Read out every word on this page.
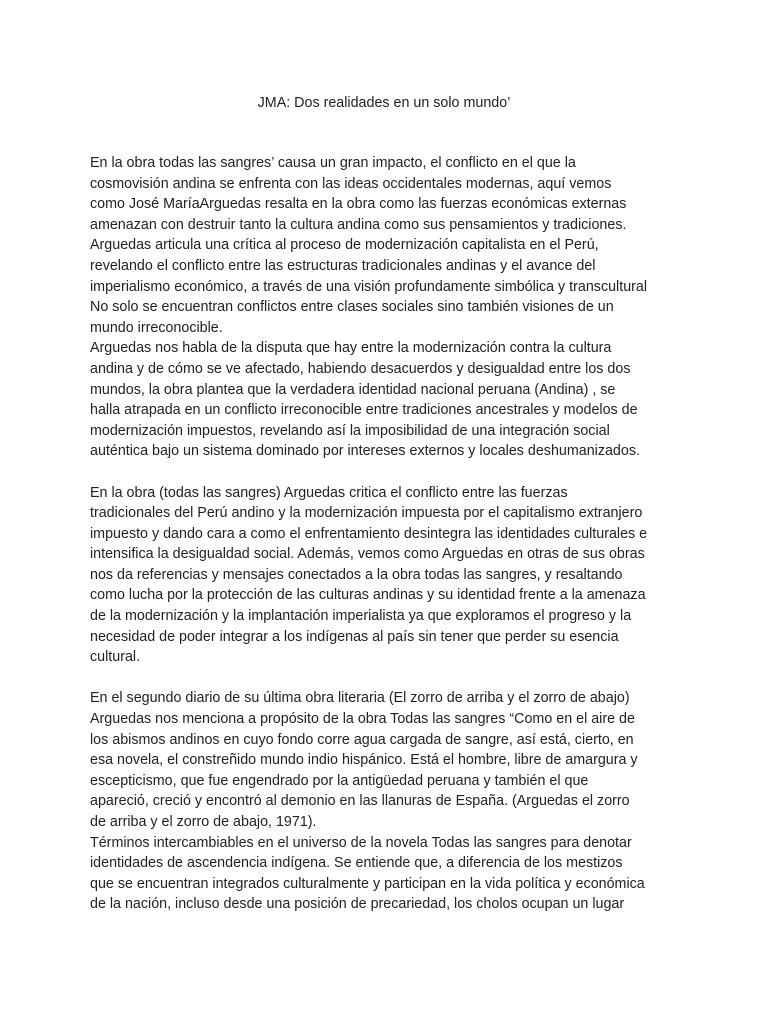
JMA: Dos realidades en un solo mundo’
En la obra todas las sangres’ causa un gran impacto, el conflicto en el que la
cosmovisión andina se enfrenta con las ideas occidentales modernas, aquí vemos
como José MaríaArguedas resalta en la obra como las fuerzas económicas externas
amenazan con destruir tanto la cultura andina como sus pensamientos y tradiciones.
Arguedas articula una crítica al proceso de modernización capitalista en el Perú,
revelando el conflicto entre las estructuras tradicionales andinas y el avance del
imperialismo económico, a través de una visión profundamente simbólica y transcultural
No solo se encuentran conflictos entre clases sociales sino también visiones de un
mundo irreconocible.
Arguedas nos habla de la disputa que hay entre la modernización contra la cultura
andina y de cómo se ve afectado, habiendo desacuerdos y desigualdad entre los dos
mundos, la obra plantea que la verdadera identidad nacional peruana (Andina) , se
halla atrapada en un conflicto irreconocible entre tradiciones ancestrales y modelos de
modernización impuestos, revelando así la imposibilidad de una integración social
auténtica bajo un sistema dominado por intereses externos y locales deshumanizados.
En la obra (todas las sangres) Arguedas critica el conflicto entre las fuerzas
tradicionales del Perú andino y la modernización impuesta por el capitalismo extranjero
impuesto y dando cara a como el enfrentamiento desintegra las identidades culturales e
intensifica la desigualdad social. Además, vemos como Arguedas en otras de sus obras
nos da referencias y mensajes conectados a la obra todas las sangres, y resaltando
como lucha por la protección de las culturas andinas y su identidad frente a la amenaza
de la modernización y la implantación imperialista ya que exploramos el progreso y la
necesidad de poder integrar a los indígenas al país sin tener que perder su esencia
cultural.
En el segundo diario de su última obra literaria (El zorro de arriba y el zorro de abajo)
Arguedas nos menciona a propósito de la obra Todas las sangres “Como en el aire de
los abismos andinos en cuyo fondo corre agua cargada de sangre, así está, cierto, en
esa novela, el constreñido mundo indio hispánico. Está el hombre, libre de amargura y
escepticismo, que fue engendrado por la antigüedad peruana y también el que
apareció, creció y encontró al demonio en las llanuras de España. (Arguedas el zorro
de arriba y el zorro de abajo, 1971).
Términos intercambiables en el universo de la novela Todas las sangres para denotar
identidades de ascendencia indígena. Se entiende que, a diferencia de los mestizos
que se encuentran integrados culturalmente y participan en la vida política y económica
de la nación, incluso desde una posición de precariedad, los cholos ocupan un lugar
